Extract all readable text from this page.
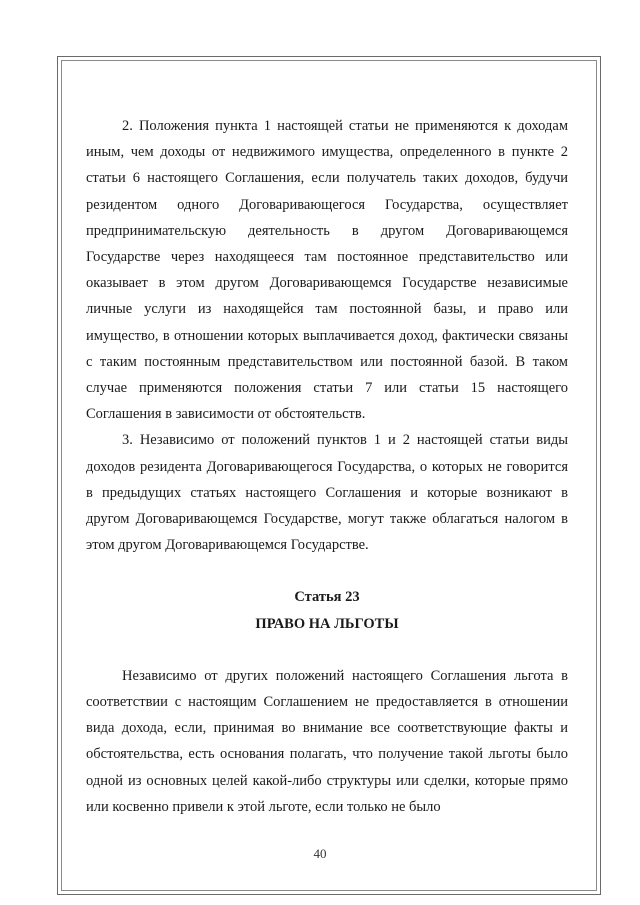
2. Положения пункта 1 настоящей статьи не применяются к доходам иным, чем доходы от недвижимого имущества, определенного в пункте 2 статьи 6 настоящего Соглашения, если получатель таких доходов, будучи резидентом одного Договаривающегося Государства, осуществляет предпринимательскую деятельность в другом Договаривающемся Государстве через находящееся там постоянное представительство или оказывает в этом другом Договаривающемся Государстве независимые личные услуги из находящейся там постоянной базы, и право или имущество, в отношении которых выплачивается доход, фактически связаны с таким постоянным представительством или постоянной базой. В таком случае применяются положения статьи 7 или статьи 15 настоящего Соглашения в зависимости от обстоятельств.

3. Независимо от положений пунктов 1 и 2 настоящей статьи виды доходов резидента Договаривающегося Государства, о которых не говорится в предыдущих статьях настоящего Соглашения и которые возникают в другом Договаривающемся Государстве, могут также облагаться налогом в этом другом Договаривающемся Государстве.

Статья 23

ПРАВО НА ЛЬГОТЫ

Независимо от других положений настоящего Соглашения льгота в соответствии с настоящим Соглашением не предоставляется в отношении вида дохода, если, принимая во внимание все соответствующие факты и обстоятельства, есть основания полагать, что получение такой льготы было одной из основных целей какой-либо структуры или сделки, которые прямо или косвенно привели к этой льготе, если только не было

40
